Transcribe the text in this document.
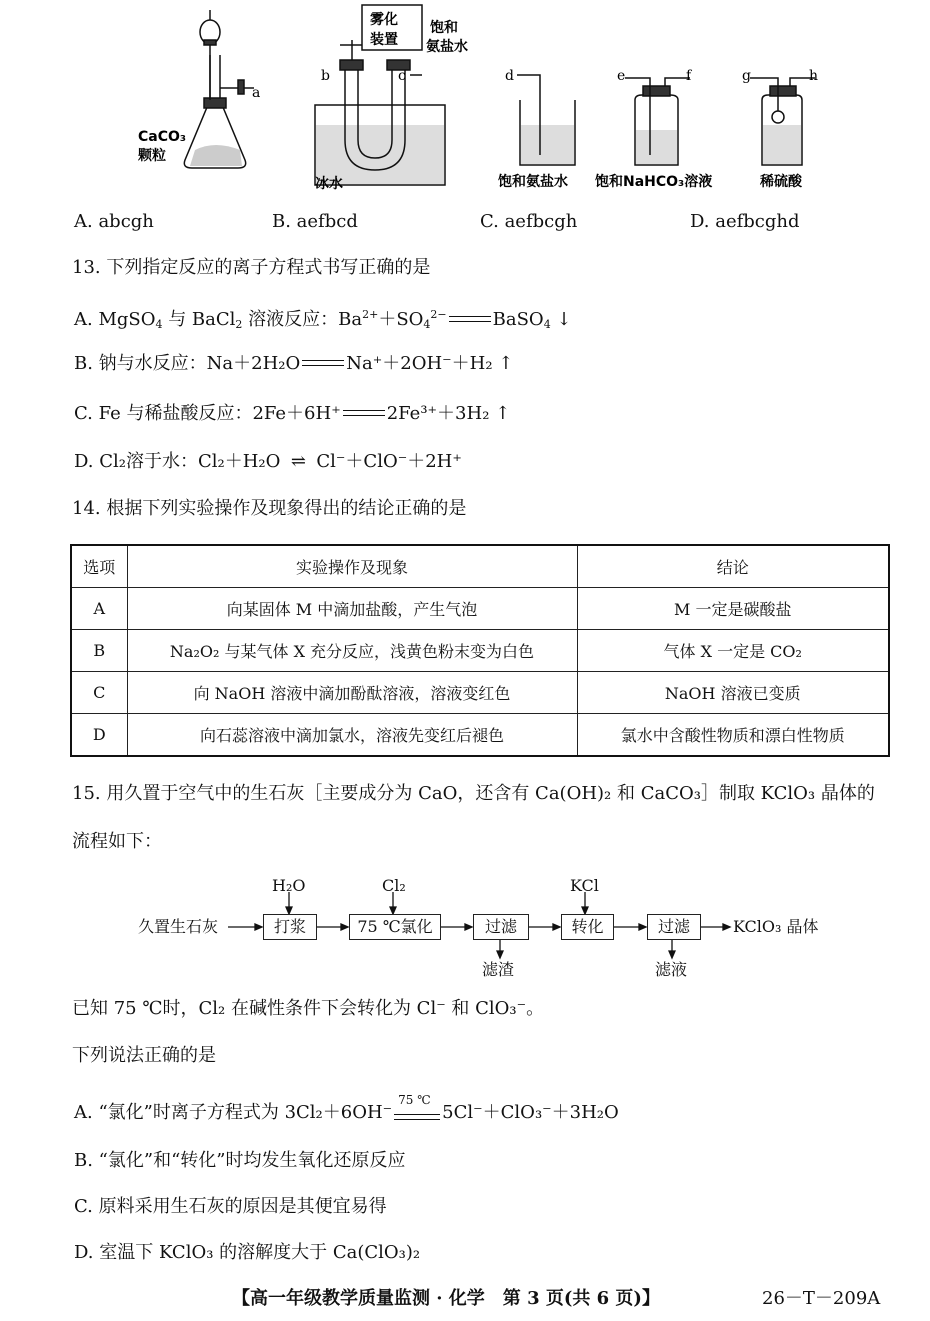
a
CaCO₃
颗粒
雾化
装置
饱和
氨盐水
b	c
冰水
d
饱和氨盐水
e	f
饱和NaHCO₃溶液
g	h
稀硫酸
A. abcgh	B. aefbcd	C. aefbcgh	D. aefbcghd
13. 下列指定反应的离子方程式书写正确的是
A. MgSO$_4$ 与 BaCl$_2$ 溶液反应：$Ba^{2+}+SO_4^{2-}$	BaSO$_4$ ↓
B. 钠与水反应：Na＋2H₂O	Na⁺＋2OH⁻＋H₂ ↑
C. Fe 与稀盐酸反应：2Fe＋6H⁺	2Fe³⁺＋3H₂ ↑
D. Cl₂溶于水：Cl₂＋H₂O ⇌ Cl⁻＋ClO⁻＋2H⁺
14. 根据下列实验操作及现象得出的结论正确的是
选项	实验操作及现象	结论
A	向某固体 M 中滴加盐酸，产生气泡	M 一定是碳酸盐
B	Na₂O₂ 与某气体 X 充分反应，浅黄色粉末变为白色	气体 X 一定是 CO₂
C	向 NaOH 溶液中滴加酚酞溶液，溶液变红色	NaOH 溶液已变质
D	向石蕊溶液中滴加氯水，溶液先变红后褪色	氯水中含酸性物质和漂白性物质
15. 用久置于空气中的生石灰［主要成分为 CaO，还含有 Ca(OH)₂ 和 CaCO₃］制取 KClO₃ 晶体的
流程如下：
久置生石灰	打浆	75 ℃氯化	过滤	转化	过滤	KClO₃ 晶体
H₂O	Cl₂	KCl
滤渣	滤液
已知 75 ℃时，Cl₂ 在碱性条件下会转化为 Cl⁻ 和 ClO₃⁻。
下列说法正确的是
A. “氯化”时离子方程式为 3Cl₂＋6OH⁻
75 ℃
5Cl⁻＋ClO₃⁻＋3H₂O
B. “氯化”和“转化”时均发生氧化还原反应
C. 原料采用生石灰的原因是其便宜易得
D. 室温下 KClO₃ 的溶解度大于 Ca(ClO₃)₂
【高一年级教学质量监测 · 化学　第 3 页(共 6 页)】	26－T－209A
